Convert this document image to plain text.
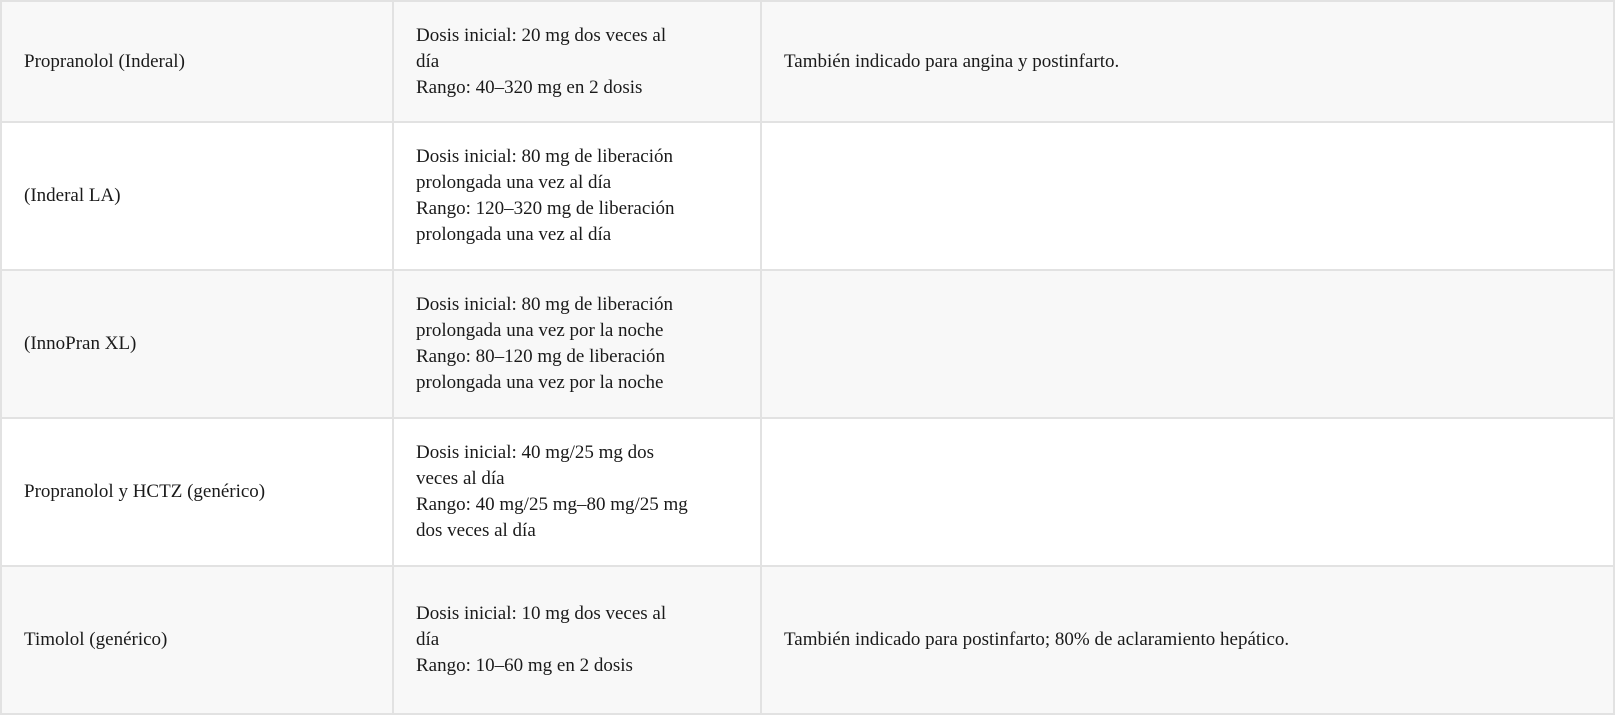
Propranolol (Inderal)	Dosis inicial: 20 mg dos veces al
día
Rango: 40–320 mg en 2 dosis	También indicado para angina y postinfarto.
(Inderal LA)	Dosis inicial: 80 mg de liberación
prolongada una vez al día
Rango: 120–320 mg de liberación
prolongada una vez al día	

(InnoPran XL)	Dosis inicial: 80 mg de liberación
prolongada una vez por la noche
Rango: 80–120 mg de liberación
prolongada una vez por la noche	

Propranolol y HCTZ (genérico)	Dosis inicial: 40 mg/25 mg dos
veces al día
Rango: 40 mg/25 mg–80 mg/25 mg
dos veces al día	

Timolol (genérico)	Dosis inicial: 10 mg dos veces al
día
Rango: 10–60 mg en 2 dosis	También indicado para postinfarto; 80% de aclaramiento hepático.
